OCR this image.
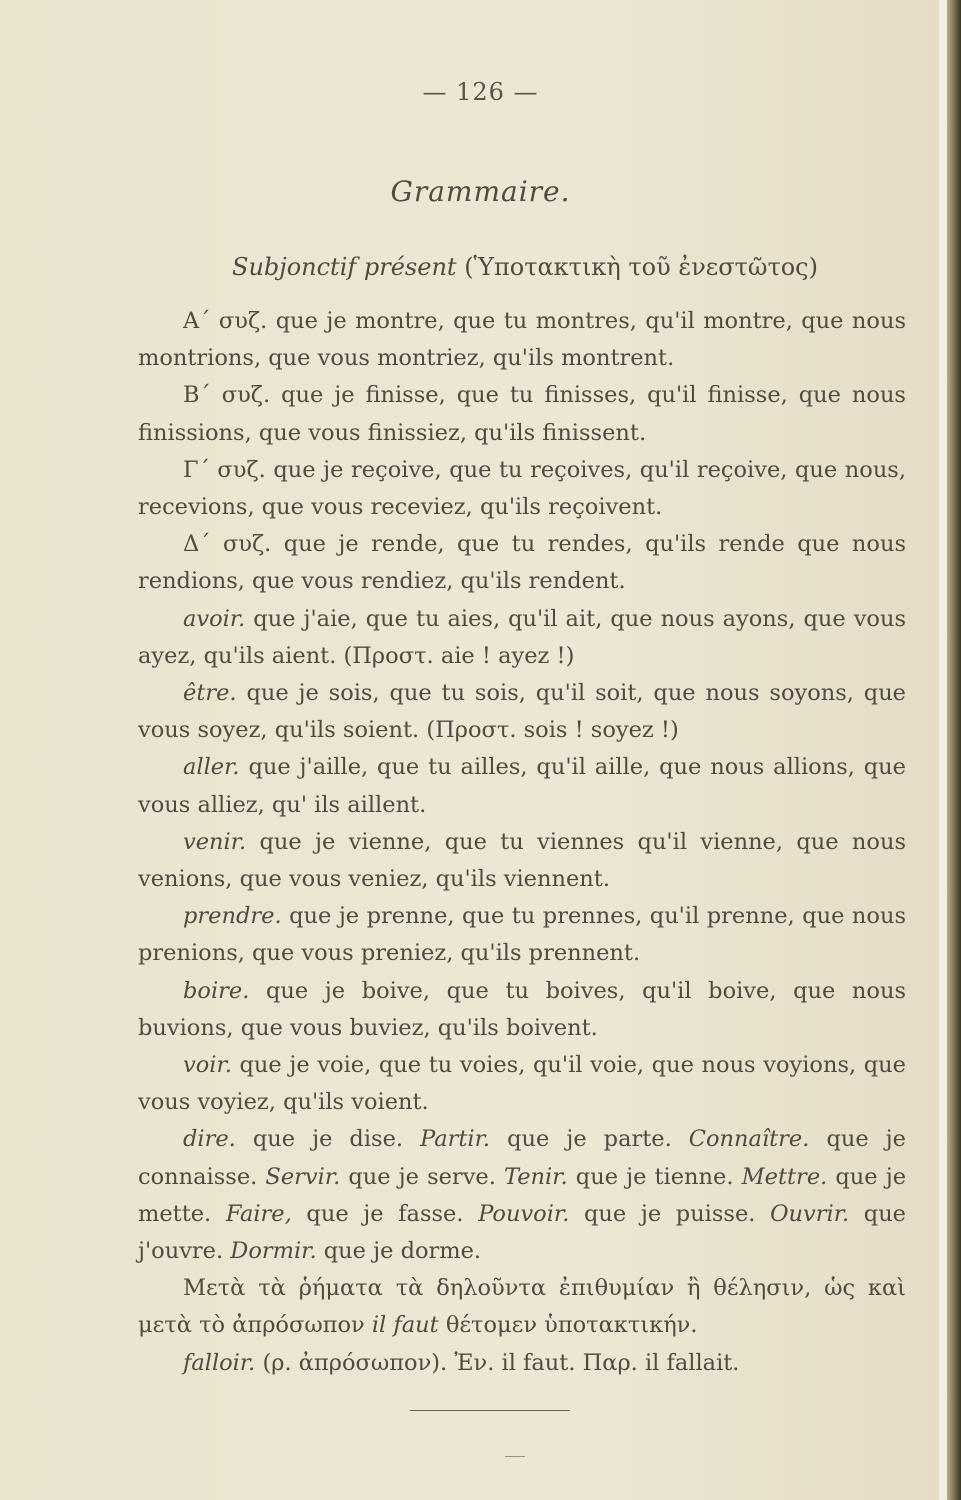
— 126 —
Grammaire.
Subjonctif présent (Ὑποτακτικὴ τοῦ ἐνεστῶτος)

Α΄ συζ. que je montre, que tu montres, qu'il montre, que nous montrions, que vous montriez, qu'ils montrent.

Β΄ συζ. que je finisse, que tu finisses, qu'il finisse, que nous finissions, que vous finissiez, qu'ils finissent.

Γ΄ συζ. que je reçoive, que tu reçoives, qu'il reçoive, que nous, recevions, que vous receviez, qu'ils reçoivent.

Δ΄ συζ. que je rende, que tu rendes, qu'ils rende que nous rendions, que vous rendiez, qu'ils rendent.

avoir. que j'aie, que tu aies, qu'il ait, que nous ayons, que vous ayez, qu'ils aient. (Προστ. aie ! ayez !)

être. que je sois, que tu sois, qu'il soit, que nous soyons, que vous soyez, qu'ils soient. (Προστ. sois ! soyez !)

aller. que j'aille, que tu ailles, qu'il aille, que nous allions, que vous alliez, qu' ils aillent.

venir. que je vienne, que tu viennes qu'il vienne, que nous venions, que vous veniez, qu'ils viennent.

prendre. que je prenne, que tu prennes, qu'il prenne, que nous prenions, que vous preniez, qu'ils prennent.

boire. que je boive, que tu boives, qu'il boive, que nous buvions, que vous buviez, qu'ils boivent.

voir. que je voie, que tu voies, qu'il voie, que nous voyions, que vous voyiez, qu'ils voient.

dire. que je dise. Partir. que je parte. Connaître. que je connaisse. Servir. que je serve. Tenir. que je tienne. Mettre. que je mette. Faire, que je fasse. Pouvoir. que je puisse. Ouvrir. que j'ouvre. Dormir. que je dorme.

Μετὰ τὰ ῥήματα τὰ δηλοῦντα ἐπιθυμίαν ἢ θέλησιν, ὡς καὶ μετὰ τὸ ἀπρόσωπον il faut θέτομεν ὑποτακτικήν.

falloir. (ρ. ἀπρόσωπον). Ἐν. il faut. Παρ. il fallait.
